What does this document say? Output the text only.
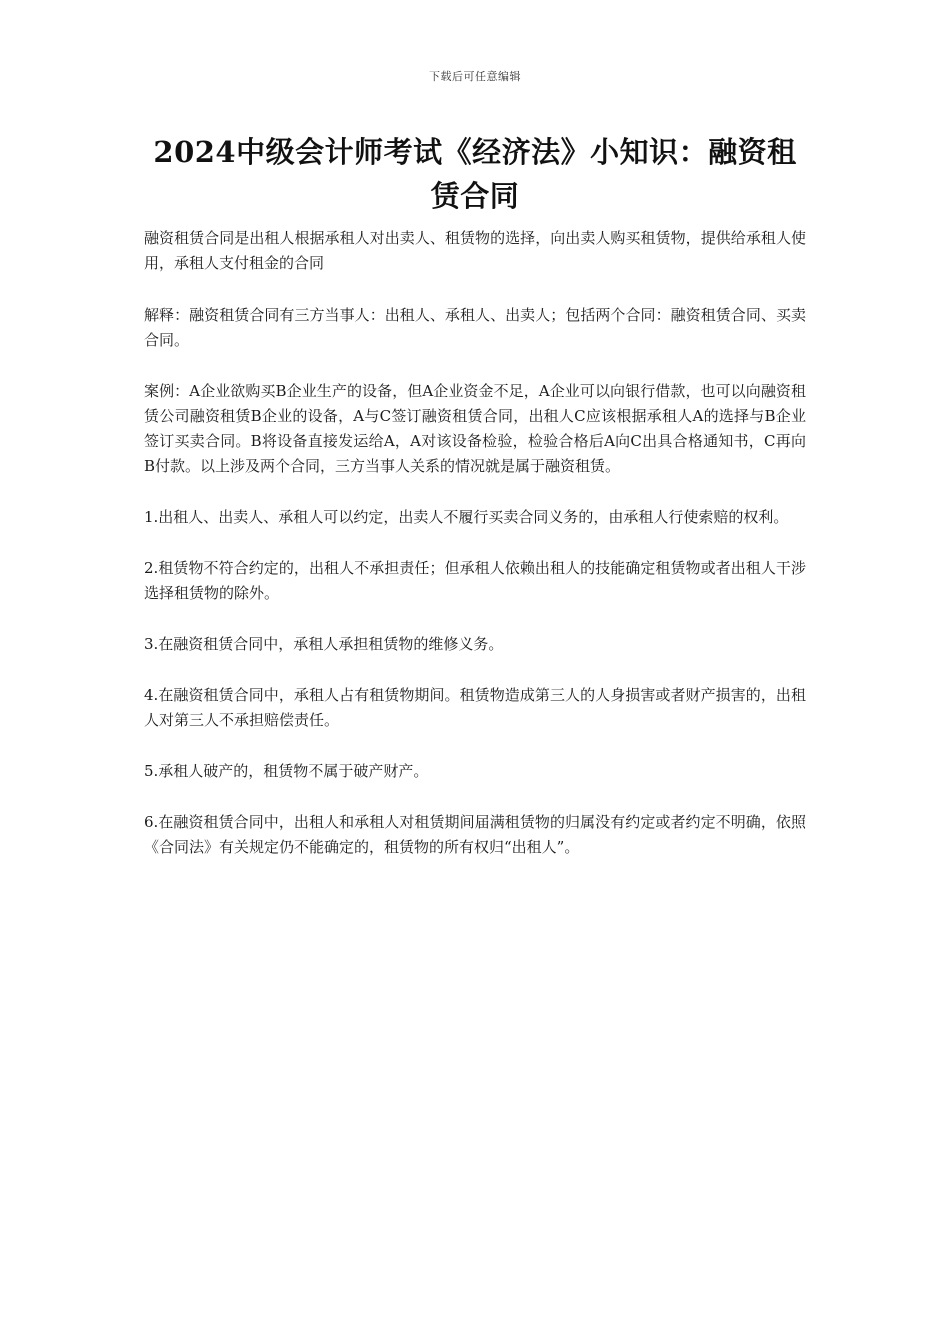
下载后可任意编辑
2024中级会计师考试《经济法》小知识：融资租赁合同

融资租赁合同是出租人根据承租人对出卖人、租赁物的选择，向出卖人购买租赁物，提供给承租人使用，承租人支付租金的合同

解释：融资租赁合同有三方当事人：出租人、承租人、出卖人；包括两个合同：融资租赁合同、买卖合同。

案例：A企业欲购买B企业生产的设备，但A企业资金不足，A企业可以向银行借款，也可以向融资租赁公司融资租赁B企业的设备，A与C签订融资租赁合同，出租人C应该根据承租人A的选择与B企业签订买卖合同。B将设备直接发运给A，A对该设备检验，检验合格后A向C出具合格通知书，C再向B付款。以上涉及两个合同，三方当事人关系的情况就是属于融资租赁。

1.出租人、出卖人、承租人可以约定，出卖人不履行买卖合同义务的，由承租人行使索赔的权利。

2.租赁物不符合约定的，出租人不承担责任；但承租人依赖出租人的技能确定租赁物或者出租人干涉选择租赁物的除外。

3.在融资租赁合同中，承租人承担租赁物的维修义务。

4.在融资租赁合同中，承租人占有租赁物期间。租赁物造成第三人的人身损害或者财产损害的，出租人对第三人不承担赔偿责任。

5.承租人破产的，租赁物不属于破产财产。

6.在融资租赁合同中，出租人和承租人对租赁期间届满租赁物的归属没有约定或者约定不明确，依照《合同法》有关规定仍不能确定的，租赁物的所有权归“出租人”。
